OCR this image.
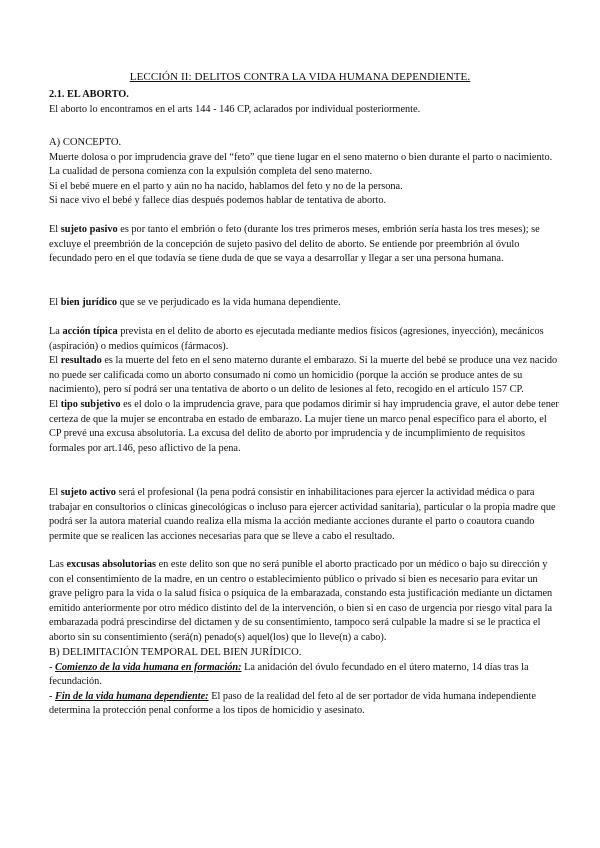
LECCIÓN II: DELITOS CONTRA LA VIDA HUMANA DEPENDIENTE.
2.1. EL ABORTO.
El aborto lo encontramos en el arts 144 - 146 CP, aclarados por individual posteriormente.
A) CONCEPTO.
Muerte dolosa o por imprudencia grave del “feto” que tiene lugar en el seno materno o bien durante el parto o nacimiento. La cualidad de persona comienza con la expulsión completa del seno materno.
Si el bebé muere en el parto y aún no ha nacido, hablamos del feto y no de la persona.
Si nace vivo el bebé y fallece días después podemos hablar de tentativa de aborto.
El sujeto pasivo es por tanto el embrión o feto (durante los tres primeros meses, embrión sería hasta los tres meses); se excluye el preembrión de la concepción de sujeto pasivo del delito de aborto. Se entiende por preembrión al óvulo fecundado pero en el que todavía se tiene duda de que se vaya a desarrollar y llegar a ser una persona humana.
El bien jurídico que se ve perjudicado es la vida humana dependiente.
La acción típica prevista en el delito de aborto es ejecutada mediante medios físicos (agresiones, inyección), mecánicos (aspiración) o medios químicos (fármacos).
El resultado es la muerte del feto en el seno materno durante el embarazo. Si la muerte del bebé se produce una vez nacido no puede ser calificada como un aborto consumado ni como un homicidio (porque la acción se produce antes de su nacimiento), pero sí podrá ser una tentativa de aborto o un delito de lesiones al feto, recogido en el artículo 157 CP.
El tipo subjetivo es el dolo o la imprudencia grave, para que podamos dirimir si hay imprudencia grave, el autor debe tener certeza de que la mujer se encontraba en estado de embarazo. La mujer tiene un marco penal específico para el aborto, el CP prevé una excusa absolutoria. La excusa del delito de aborto por imprudencia y de incumplimiento de requisitos formales por art.146, peso aflictivo de la pena.
El sujeto activo será el profesional (la pena podrá consistir en inhabilitaciones para ejercer la actividad médica o para trabajar en consultorios o clínicas ginecológicas o incluso para ejercer actividad sanitaria), particular o la propia madre que podrá ser la autora material cuando realiza ella misma la acción mediante acciones durante el parto o coautora cuando permite que se realicen las acciones necesarias para que se lleve a cabo el resultado.
Las excusas absolutorias en este delito son que no será punible el aborto practicado por un médico o bajo su dirección y con el consentimiento de la madre, en un centro o establecimiento público o privado si bien es necesario para evitar un grave peligro para la vida o la salud física o psíquica de la embarazada, constando esta justificación mediante un dictamen emitido anteriormente por otro médico distinto del de la intervención, o bien si en caso de urgencia por riesgo vital para la embarazada podrá prescindirse del dictamen y de su consentimiento, tampoco será culpable la madre si se le practica el aborto sin su consentimiento (será(n) penado(s) aquel(los) que lo lleve(n) a cabo).
B) DELIMITACIÓN TEMPORAL DEL BIEN JURÍDICO.
- Comienzo de la vida humana en formación: La anidación del óvulo fecundado en el útero materno, 14 días tras la fecundación.
- Fin de la vida humana dependiente: El paso de la realidad del feto al de ser portador de vida humana independiente determina la protección penal conforme a los tipos de homicidio y asesinato.
